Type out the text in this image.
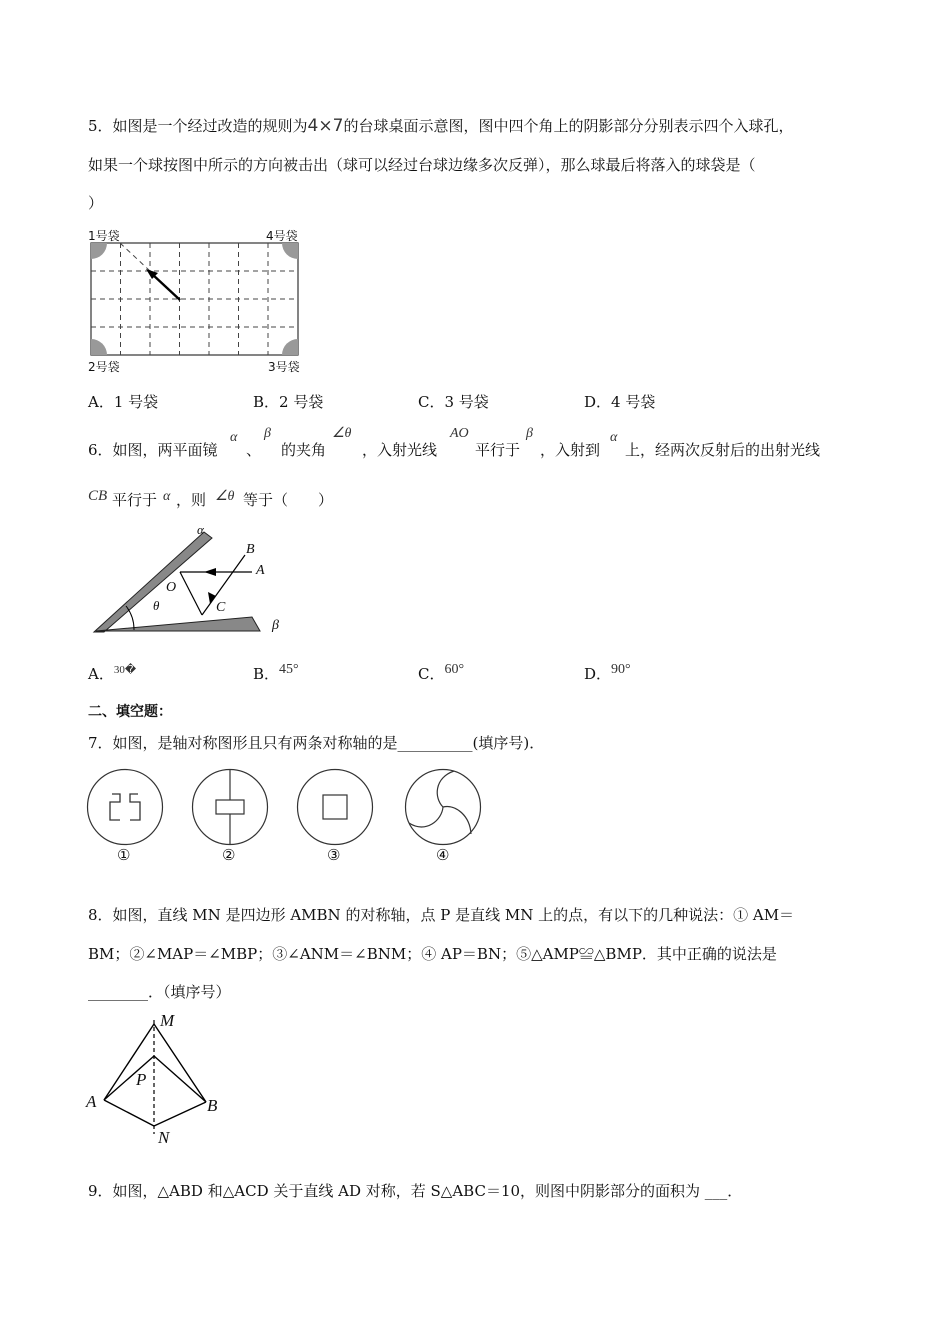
5．如图是一个经过改造的规则为4×7的台球桌面示意图，图中四个角上的阴影部分分别表示四个入球孔，
如果一个球按图中所示的方向被击出（球可以经过台球边缘多次反弹），那么球最后将落入的球袋是（
）
1号袋	4号袋
2号袋	3号袋
A．1 号袋	B．2 号袋	C．3 号袋	D．4 号袋
6．如图，两平面镜
α
、
β
的夹角
∠θ
，入射光线
AO
平行于
β
，入射到
α
上，经两次反射后的出射光线
CB 平行于 α ，则 ∠θ 等于（　　）
α
B
A
O
C
θ
β
A．$^{30�}$	B．45°	C．60°	D．90°
二、填空题：
7．如图，是轴对称图形且只有两条对称轴的是__________(填序号)．
①	②	③	④
8．如图，直线 MN 是四边形 AMBN 的对称轴，点 P 是直线 MN 上的点，有以下的几种说法：① AM＝
BM；②∠MAP＝∠MBP；③∠ANM＝∠BNM；④ AP＝BN；⑤△AMP≌△BMP．其中正确的说法是
________．（填序号）
M
P
A	B
N
9．如图，△ABD 和△ACD 关于直线 AD 对称，若 S△ABC＝10，则图中阴影部分的面积为 ___．
